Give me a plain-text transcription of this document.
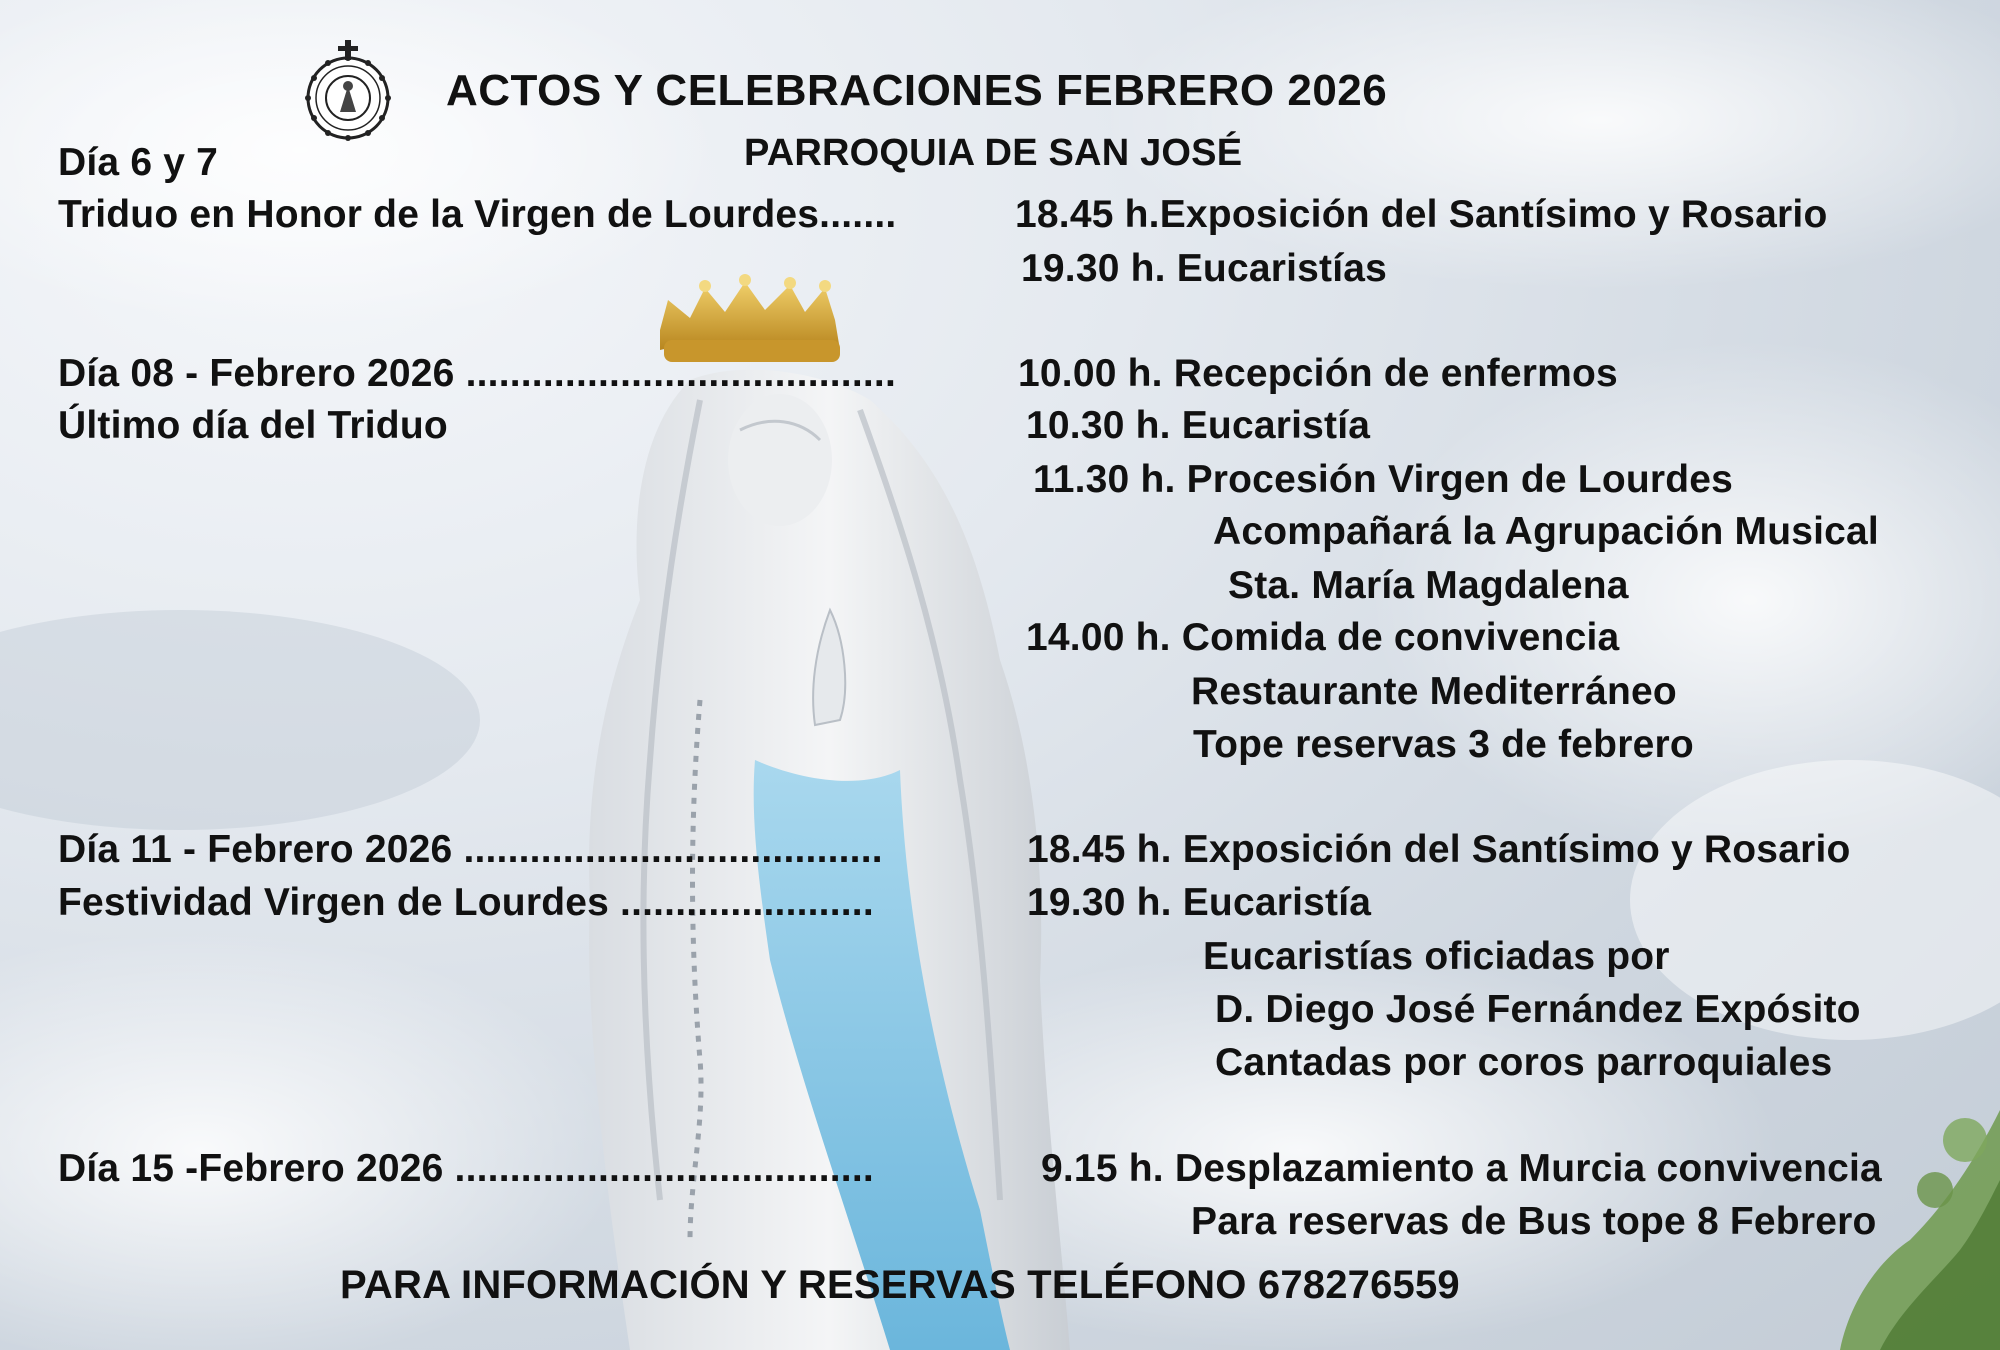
ACTOS Y CELEBRACIONES FEBRERO 2026
PARROQUIA DE SAN JOSÉ
Día 6 y 7
Triduo en Honor de la Virgen de Lourdes.......	18.45 h.Exposición del Santísimo y Rosario
19.30 h. Eucaristías
Día 08 - Febrero 2026 .......................................
Último día del Triduo
10.00 h. Recepción de enfermos
10.30 h. Eucaristía
11.30 h. Procesión Virgen de Lourdes
Acompañará la Agrupación Musical
Sta. María Magdalena
14.00 h. Comida de convivencia
Restaurante Mediterráneo
Tope reservas 3 de febrero
Día 11 - Febrero 2026 ......................................
Festividad Virgen de Lourdes .......................
18.45 h. Exposición del Santísimo y Rosario
19.30 h. Eucaristía
Eucaristías oficiadas por
D. Diego José Fernández Expósito
Cantadas por coros parroquiales
Día 15 -Febrero 2026 ......................................	9.15 h. Desplazamiento a Murcia convivencia
Para reservas de Bus tope 8 Febrero
PARA INFORMACIÓN Y RESERVAS TELÉFONO 678276559
